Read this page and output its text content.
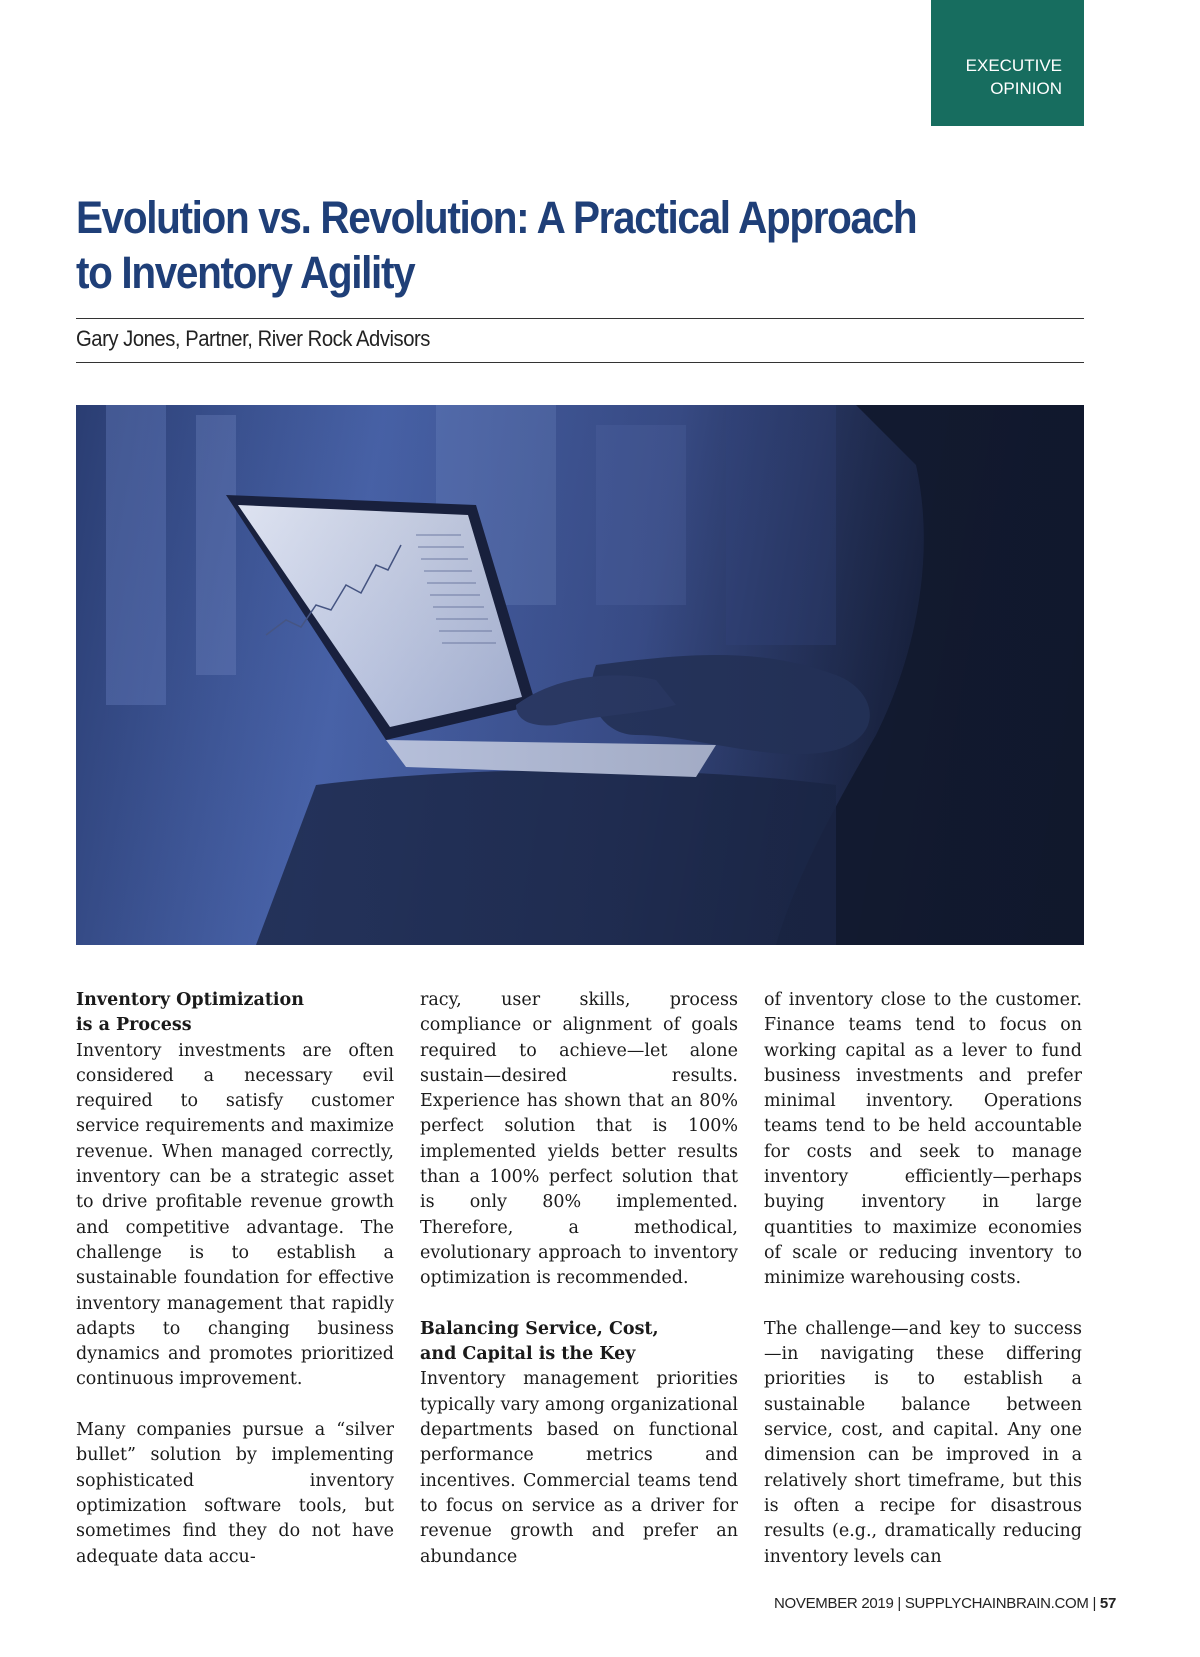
EXECUTIVE
OPINION
Evolution vs. Revolution: A Practical Approach
to Inventory Agility

Gary Jones, Partner, River Rock Advisors

Inventory Optimization
is a Process

Inventory investments are often considered a necessary evil required to satisfy customer service requirements and maximize revenue. When managed correctly, inventory can be a strategic asset to drive profitable revenue growth and competitive advantage. The challenge is to establish a sustainable foundation for effective inventory management that rapidly adapts to changing business dynamics and promotes prioritized continuous improvement.

Many companies pursue a “silver bullet” solution by implementing sophisticated inventory optimization software tools, but sometimes find they do not have adequate data accu-

racy, user skills, process compliance or alignment of goals required to achieve—let alone sustain—desired results. Experience has shown that an 80% perfect solution that is 100% implemented yields better results than a 100% perfect solution that is only 80% implemented. Therefore, a methodical, evolutionary approach to inventory optimization is recommended.

Balancing Service, Cost,
and Capital is the Key

Inventory management priorities typically vary among organizational departments based on functional performance metrics and incentives. Commercial teams tend to focus on service as a driver for revenue growth and prefer an abundance

of inventory close to the customer. Finance teams tend to focus on working capital as a lever to fund business investments and prefer minimal inventory. Operations teams tend to be held accountable for costs and seek to manage inventory efficiently—perhaps buying inventory in large quantities to maximize economies of scale or reducing inventory to minimize warehousing costs.

The challenge—and key to success—in navigating these differing priorities is to establish a sustainable balance between service, cost, and capital. Any one dimension can be improved in a relatively short timeframe, but this is often a recipe for disastrous results (e.g., dramatically reducing inventory levels can

NOVEMBER 2019 | SUPPLYCHAINBRAIN.COM | 57
